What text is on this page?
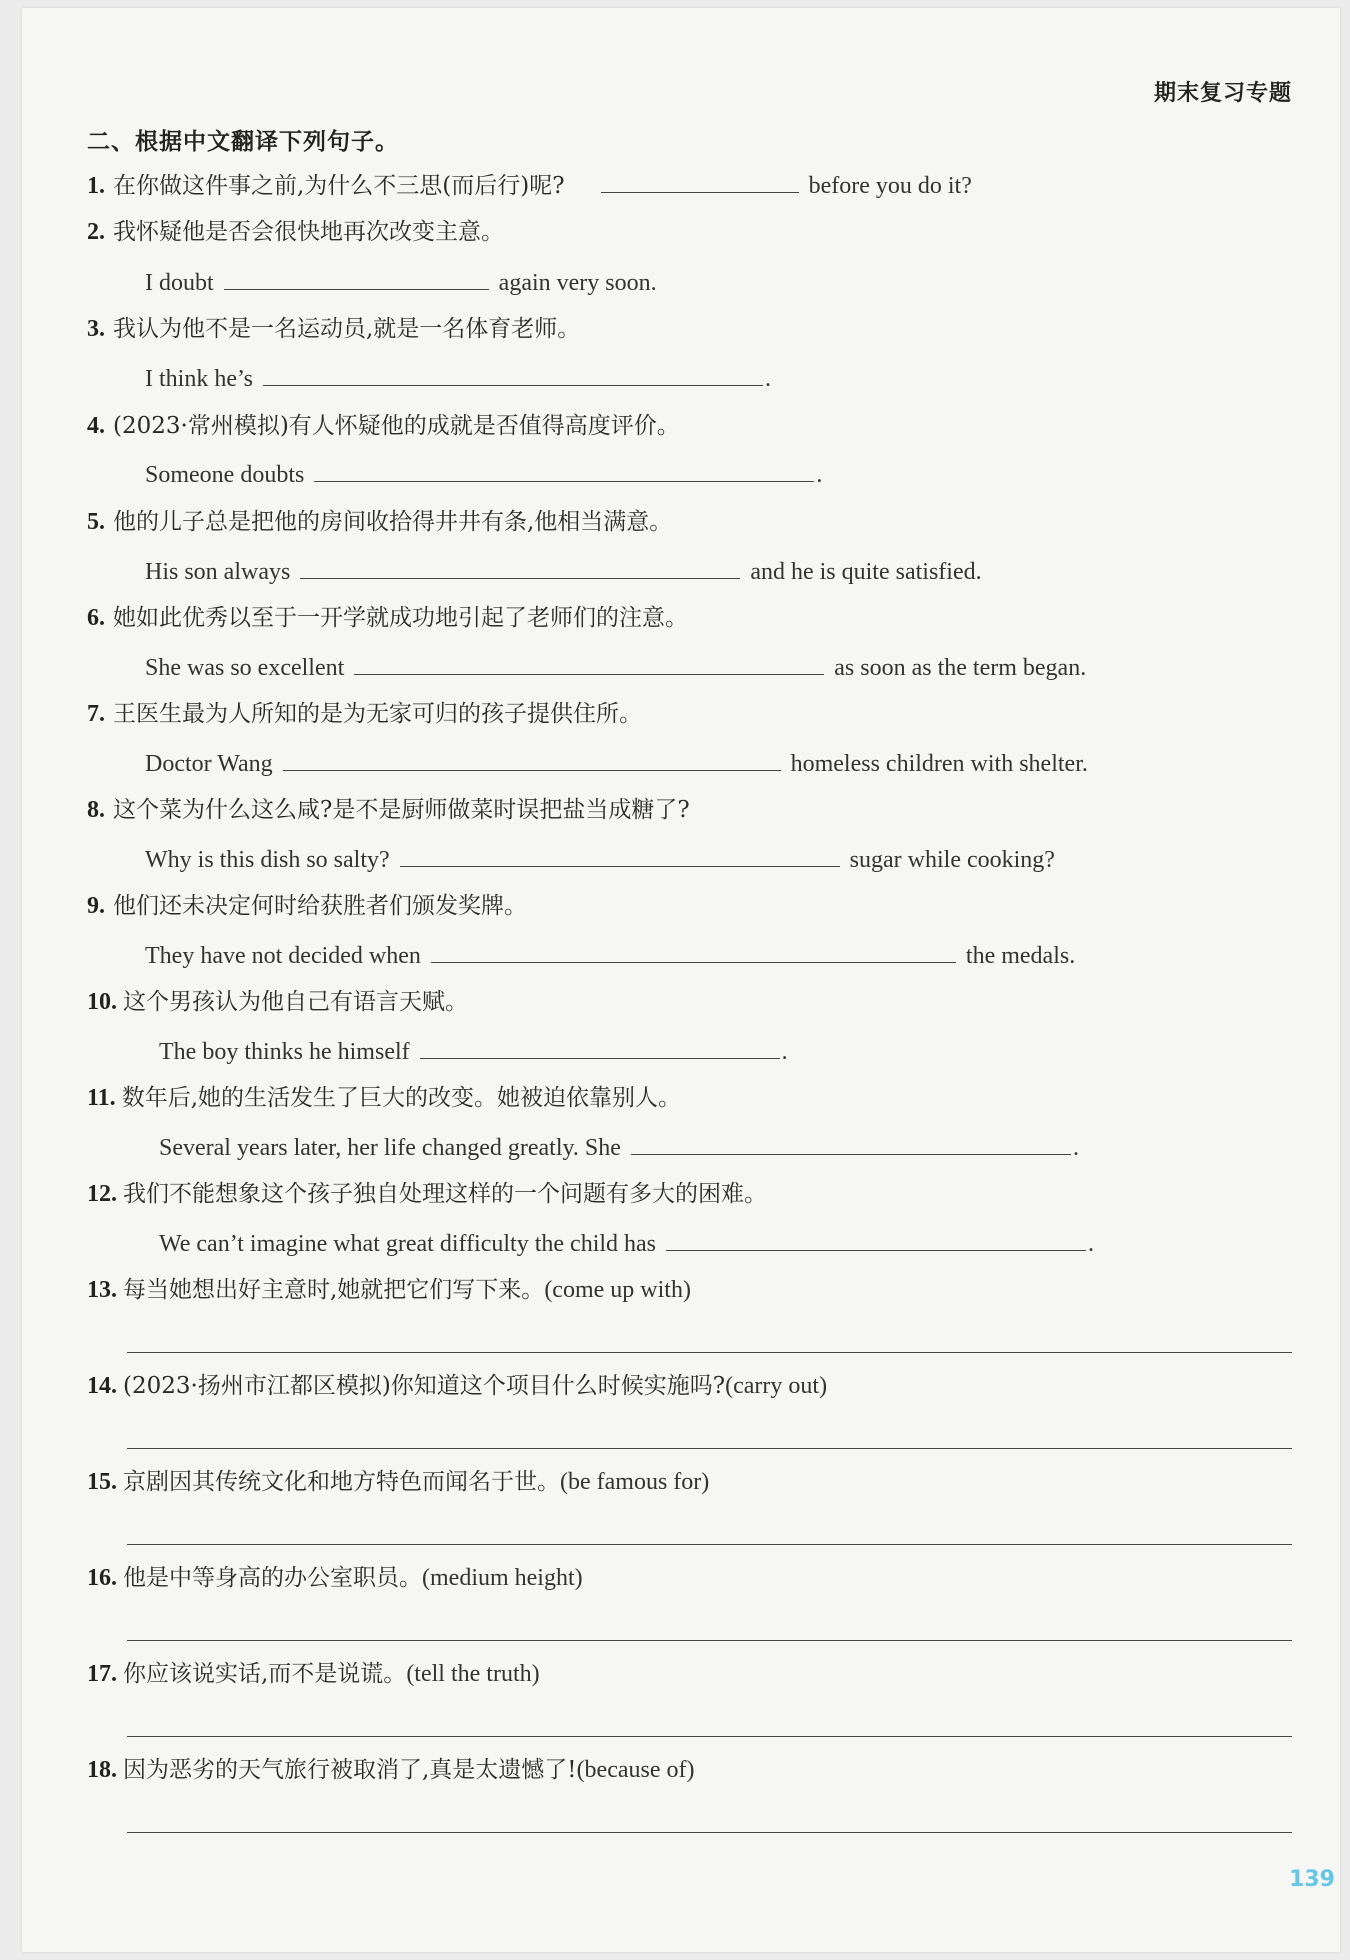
期末复习专题
二、根据中文翻译下列句子。
1. 在你做这件事之前,为什么不三思(而后行)呢?	before you do it?
2. 我怀疑他是否会很快地再次改变主意。
I doubt	again very soon.
3. 我认为他不是一名运动员,就是一名体育老师。
I think he’s	.
4. (2023·常州模拟)有人怀疑他的成就是否值得高度评价。
Someone doubts	.
5. 他的儿子总是把他的房间收拾得井井有条,他相当满意。
His son always	and he is quite satisfied.
6. 她如此优秀以至于一开学就成功地引起了老师们的注意。
She was so excellent	as soon as the term began.
7. 王医生最为人所知的是为无家可归的孩子提供住所。
Doctor Wang	homeless children with shelter.
8. 这个菜为什么这么咸?是不是厨师做菜时误把盐当成糖了?
Why is this dish so salty?	sugar while cooking?
9. 他们还未决定何时给获胜者们颁发奖牌。
They have not decided when	the medals.
10. 这个男孩认为他自己有语言天赋。
The boy thinks he himself	.
11. 数年后,她的生活发生了巨大的改变。她被迫依靠别人。
Several years later, her life changed greatly. She	.
12. 我们不能想象这个孩子独自处理这样的一个问题有多大的困难。
We can’t imagine what great difficulty the child has	.
13. 每当她想出好主意时,她就把它们写下来。(come up with)
14. (2023·扬州市江都区模拟)你知道这个项目什么时候实施吗?(carry out)
15. 京剧因其传统文化和地方特色而闻名于世。(be famous for)
16. 他是中等身高的办公室职员。(medium height)
17. 你应该说实话,而不是说谎。(tell the truth)
18. 因为恶劣的天气旅行被取消了,真是太遗憾了!(because of)
139
